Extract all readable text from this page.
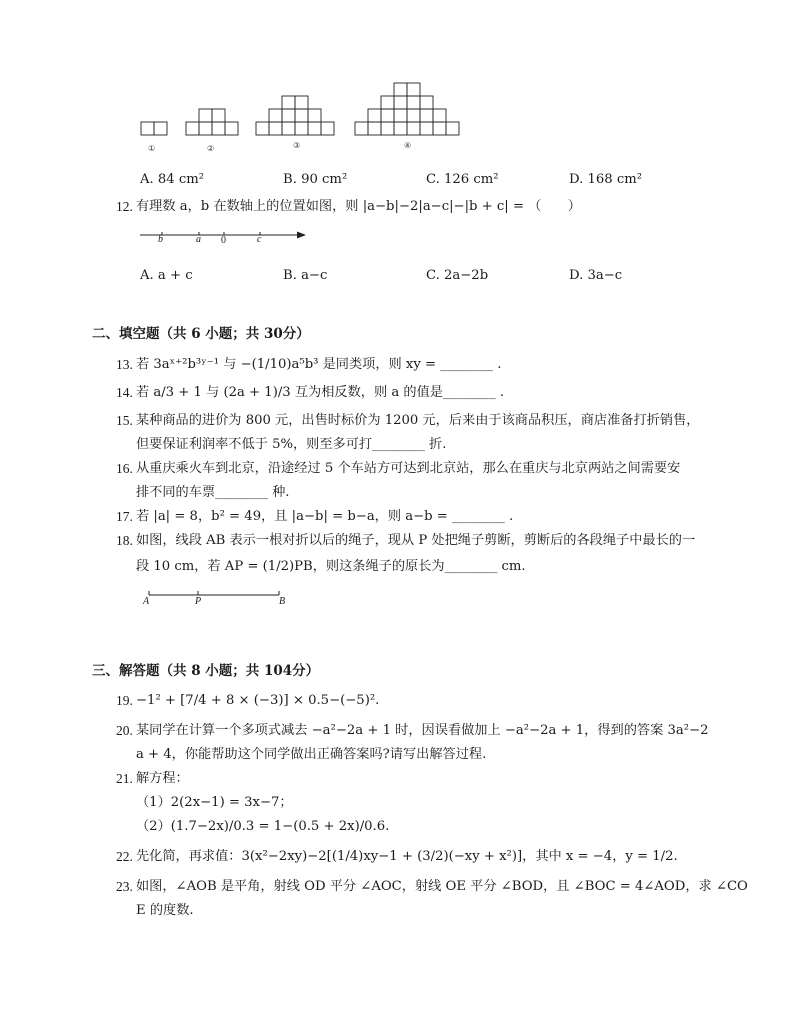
①	②	③	④
A. 84 cm²	B. 90 cm²	C. 126 cm²	D. 168 cm²
12. 有理数 a，b 在数轴上的位置如图，则 |a−b|−2|a−c|−|b + c| = （　　）
b	a 0	c
A. a + c	B. a−c	C. 2a−2b	D. 3a−c
二、填空题（共 6 小题；共 30分）
13. 若 3aˣ⁺²b³ʸ⁻¹ 与 −(1/10)a⁵b³ 是同类项，则 xy = ________ .
14. 若 a/3 + 1 与 (2a + 1)/3 互为相反数，则 a 的值是________ .
15. 某种商品的进价为 800 元，出售时标价为 1200 元，后来由于该商品积压，商店准备打折销售，
但要保证利润率不低于 5%，则至多可打________ 折.
16. 从重庆乘火车到北京，沿途经过 5 个车站方可达到北京站，那么在重庆与北京两站之间需要安
排不同的车票________ 种.
17. 若 |a| = 8，b² = 49，且 |a−b| = b−a，则 a−b = ________ .
18. 如图，线段 AB 表示一根对折以后的绳子，现从 P 处把绳子剪断，剪断后的各段绳子中最长的一
段 10 cm，若 AP = (1/2)PB，则这条绳子的原长为________ cm.
A	P	B
三、解答题（共 8 小题；共 104分）
19. −1² + [7/4 + 8 × (−3)] × 0.5−(−5)².
20. 某同学在计算一个多项式减去 −a²−2a + 1 时，因误看做加上 −a²−2a + 1，得到的答案 3a²−2
a + 4，你能帮助这个同学做出正确答案吗?请写出解答过程.
21. 解方程：
（1）2(2x−1) = 3x−7；
（2）(1.7−2x)/0.3 = 1−(0.5 + 2x)/0.6.
22. 先化简，再求值：3(x²−2xy)−2[(1/4)xy−1 + (3/2)(−xy + x²)]，其中 x = −4，y = 1/2.
23. 如图，∠AOB 是平角，射线 OD 平分 ∠AOC，射线 OE 平分 ∠BOD，且 ∠BOC = 4∠AOD，求 ∠CO
E 的度数.
